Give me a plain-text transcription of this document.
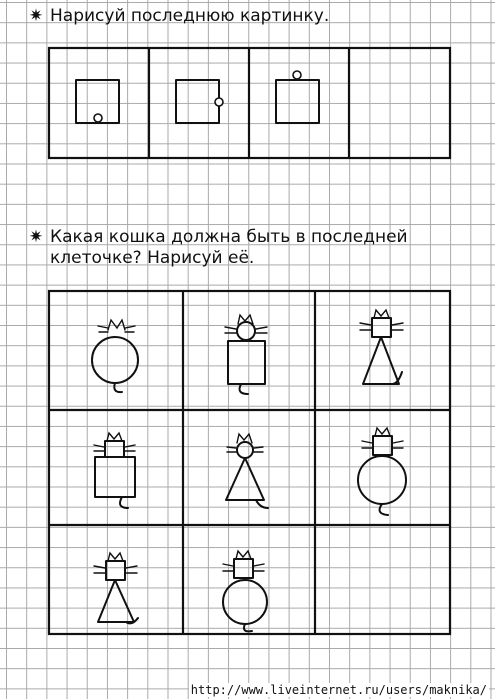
✷ Нарисуй последнюю картинку.
✷ Какая кошка должна быть в последней
клеточке? Нарисуй её.
http://www.liveinternet.ru/users/maknika/
